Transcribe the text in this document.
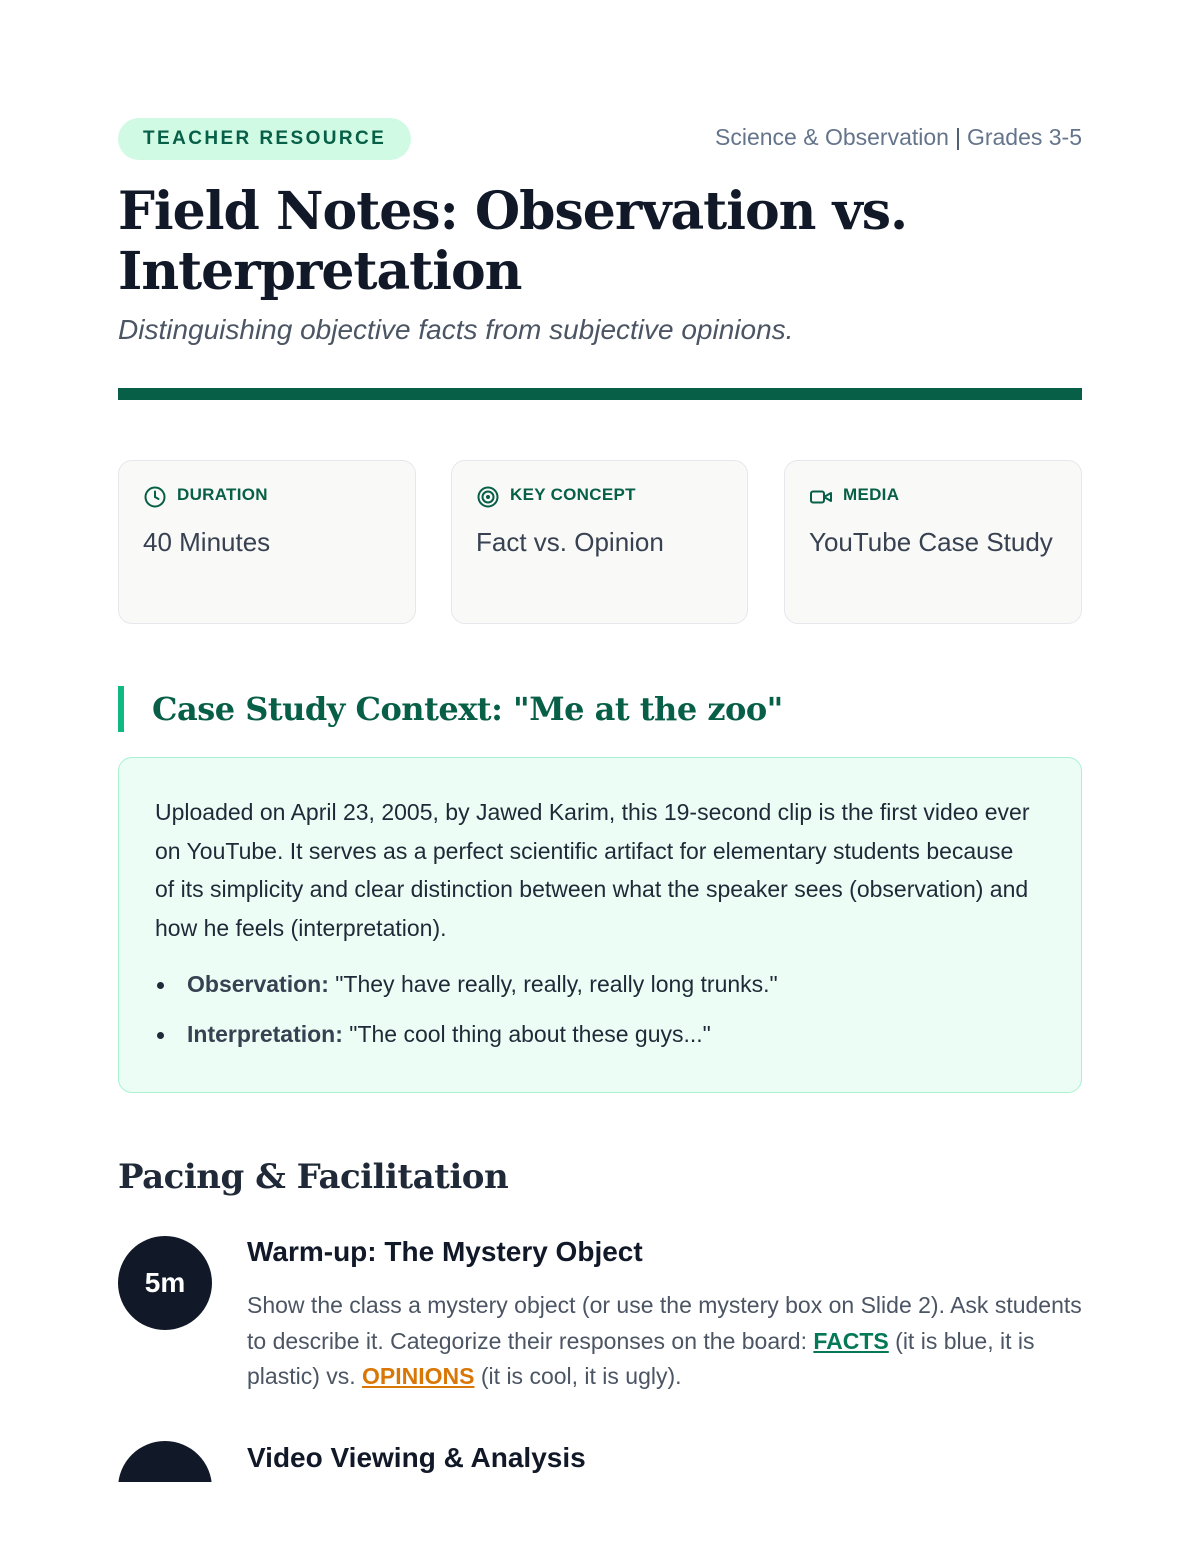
TEACHER RESOURCE	Science & Observation | Grades 3-5
Field Notes: Observation vs. Interpretation

Distinguishing objective facts from subjective opinions.

DURATION
40 Minutes
KEY CONCEPT
Fact vs. Opinion
MEDIA
YouTube Case Study
Case Study Context: "Me at the zoo"

Uploaded on April 23, 2005, by Jawed Karim, this 19-second clip is the first video ever on YouTube. It serves as a perfect scientific artifact for elementary students because of its simplicity and clear distinction between what the speaker sees (observation) and how he feels (interpretation).

Observation: "They have really, really, really long trunks."
Interpretation: "The cool thing about these guys..."
Pacing & Facilitation
5m
Warm-up: The Mystery Object

Show the class a mystery object (or use the mystery box on Slide 2). Ask students to describe it. Categorize their responses on the board: FACTS (it is blue, it is plastic) vs. OPINIONS (it is cool, it is ugly).

Video Viewing & Analysis
